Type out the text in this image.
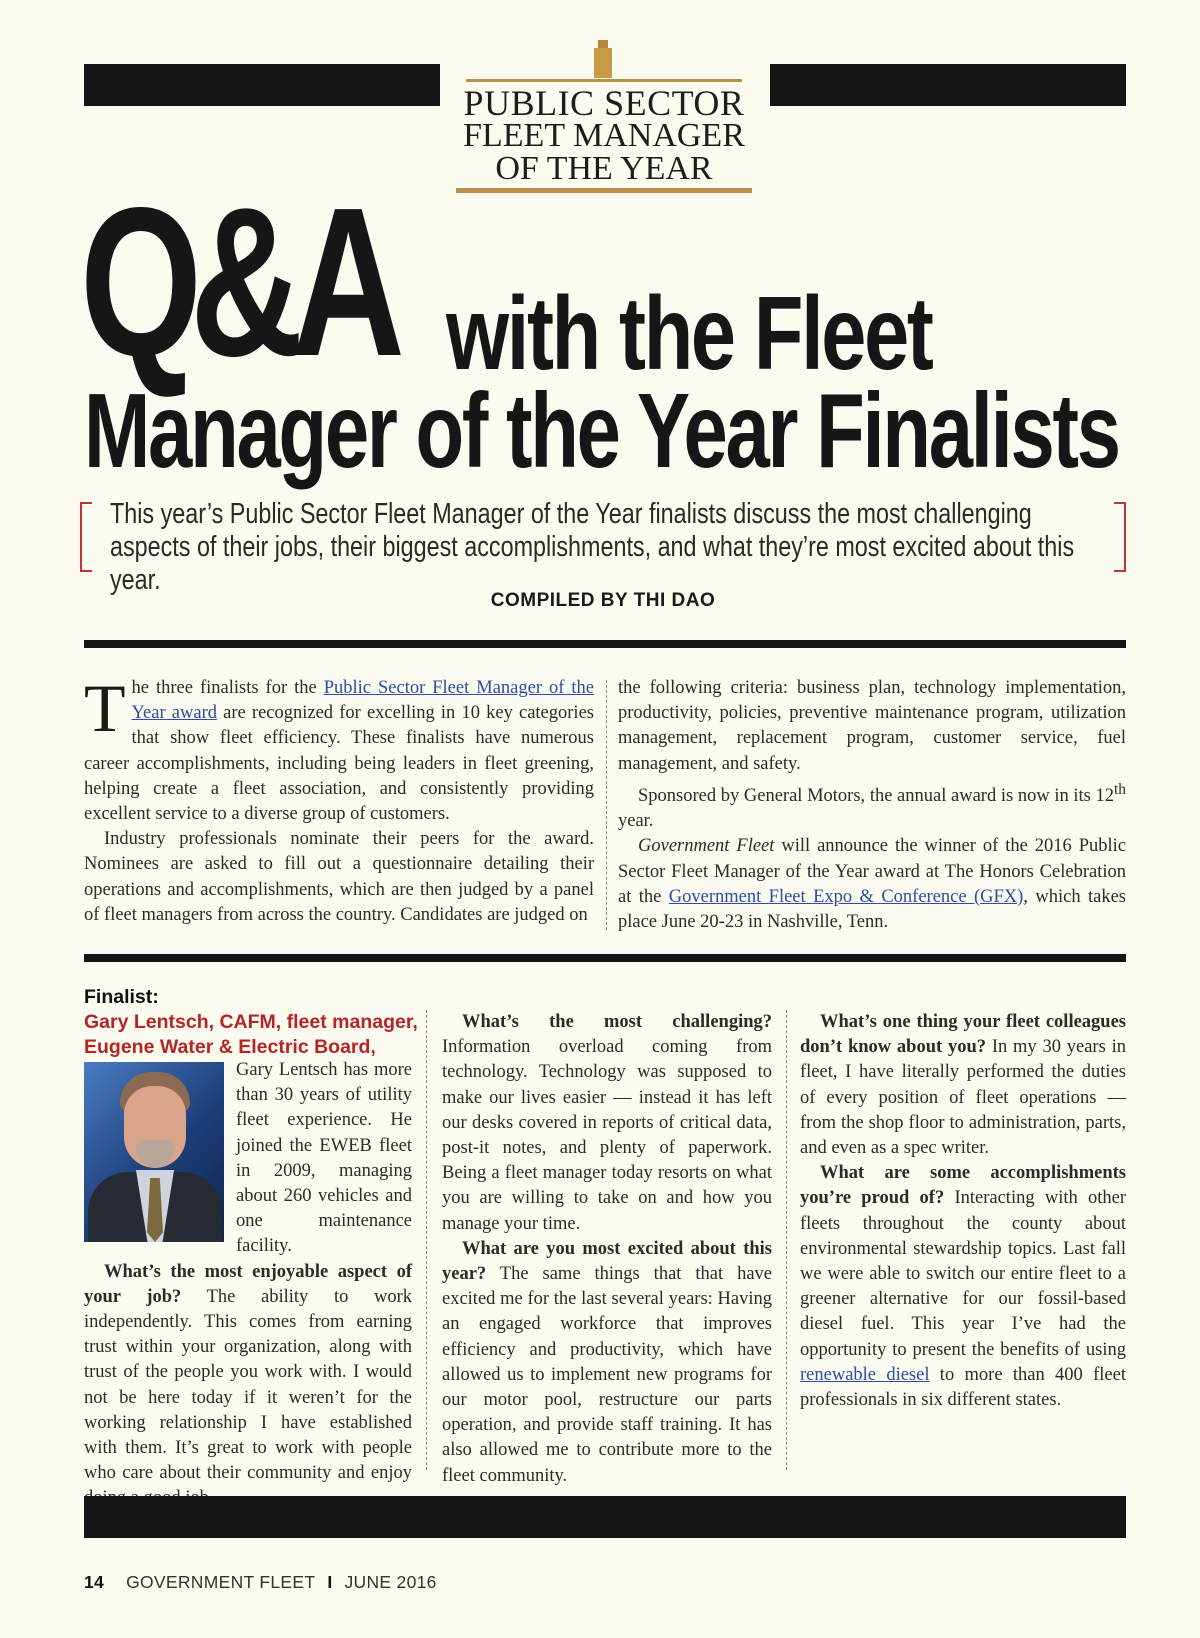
PUBLIC SECTOR
FLEET MANAGER
OF THE YEAR
Q&A with the Fleet
Manager of the Year Finalists
This year’s Public Sector Fleet Manager of the Year finalists discuss the most challenging aspects of their jobs, their biggest accomplishments, and what they’re most excited about this year.
COMPILED BY THI DAO

The three finalists for the Public Sector Fleet Manager of the Year award are recognized for excelling in 10 key categories that show fleet efficiency. These finalists have numerous career accomplishments, including being leaders in fleet greening, helping create a fleet association, and consistently providing excellent service to a diverse group of customers.

Industry professionals nominate their peers for the award. Nominees are asked to fill out a questionnaire detailing their operations and accomplishments, which are then judged by a panel of fleet managers from across the country. Candidates are judged on

the following criteria: business plan, technology implementation, productivity, policies, preventive maintenance program, utilization management, replacement program, customer service, fuel management, and safety.

Sponsored by General Motors, the annual award is now in its 12th year.

Government Fleet will announce the winner of the 2016 Public Sector Fleet Manager of the Year award at The Honors Celebration at the Government Fleet Expo & Conference (GFX), which takes place June 20-23 in Nashville, Tenn.

Finalist:
Gary Lentsch, CAFM, fleet manager, Eugene Water & Electric Board,

Gary Lentsch has more than 30 years of utility fleet experience. He joined the EWEB fleet in 2009, managing about 260 vehicles and one maintenance facility.

What’s the most enjoyable aspect of your job? The ability to work independently. This comes from earning trust within your organization, along with trust of the people you work with. I would not be here today if it weren’t for the working relationship I have established with them. It’s great to work with people who care about their community and enjoy

What’s the most challenging? Information overload coming from technology. Technology was supposed to make our lives easier — instead it has left our desks covered in reports of critical data, post-it notes, and plenty of paperwork. Being a fleet manager today resorts on what you are willing to take on and how you manage your time.

What are you most excited about this year? The same things that that have excited me for the last several years: Having an engaged workforce that improves efficiency and productivity, which have allowed us to implement new programs for our motor pool, restructure our parts operation, and provide staff training. It has also allowed me to contribute more to the fleet community.

What’s one thing your fleet colleagues don’t know about you? In my 30 years in fleet, I have literally performed the duties of every position of fleet operations — from the shop floor to administration, parts, and even as a spec writer.

What are some accomplishments you’re proud of? Interacting with other fleets throughout the county about environmental stewardship topics. Last fall we were able to switch our entire fleet to a greener alternative for our fossil-based diesel fuel. This year I’ve had the opportunity to present the benefits of using renewable diesel to more than 400 fleet professionals in six different states.

14 GOVERNMENT FLEET I JUNE 2016
